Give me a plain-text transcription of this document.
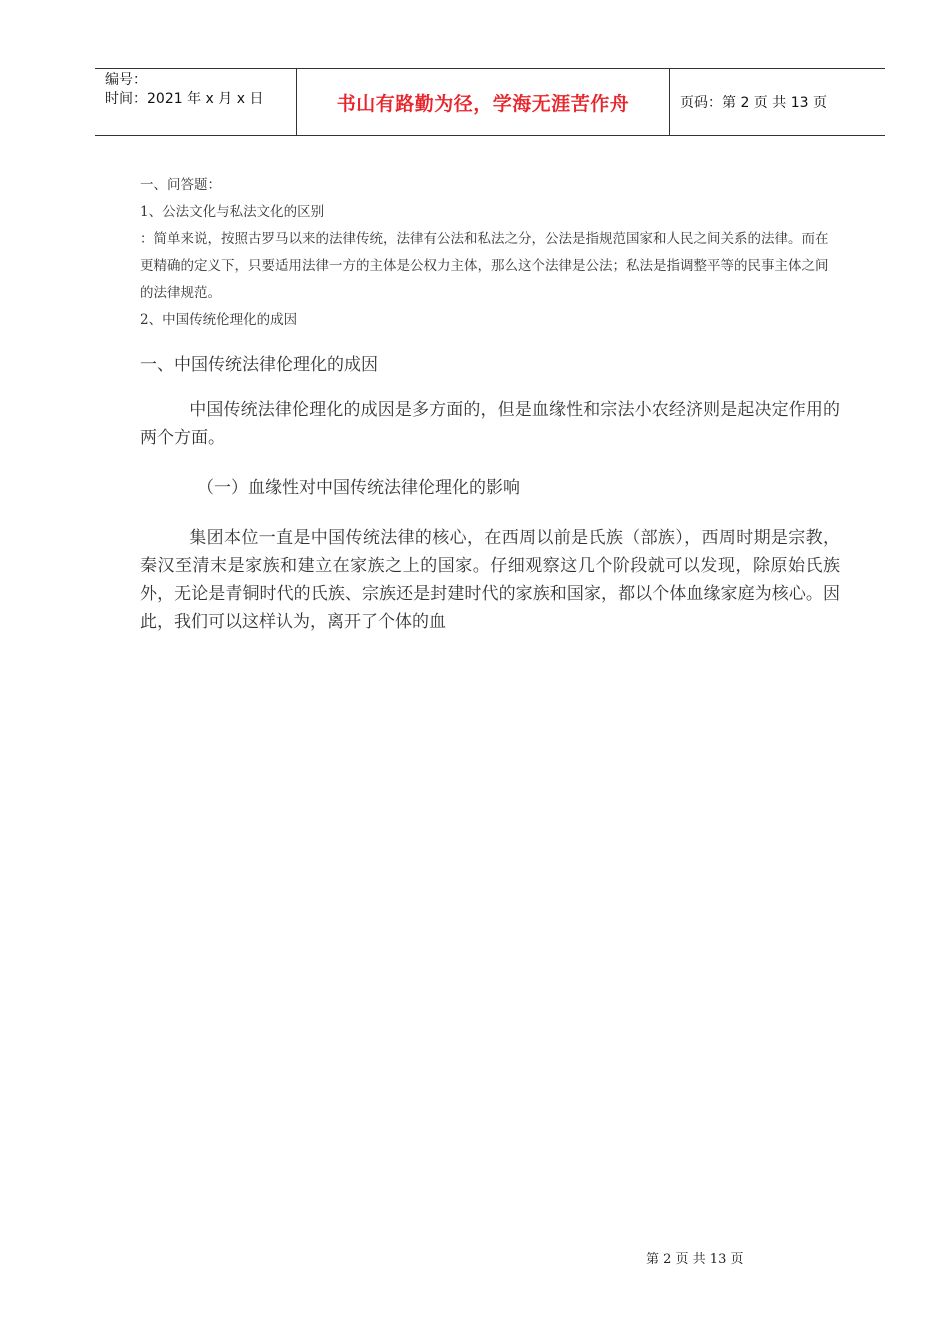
编号：
时间：2021 年 x 月 x 日	书山有路勤为径，学海无涯苦作舟	页码：第 2 页 共 13 页

一、问答题：

1、公法文化与私法文化的区别

：简单来说，按照古罗马以来的法律传统，法律有公法和私法之分，公法是指规范国家和人民之间关系的法律。而在更精确的定义下，只要适用法律一方的主体是公权力主体，那么这个法律是公法；私法是指调整平等的民事主体之间的法律规范。

2、中国传统伦理化的成因

一、中国传统法律伦理化的成因

中国传统法律伦理化的成因是多方面的，但是血缘性和宗法小农经济则是起决定作用的两个方面。

（一）血缘性对中国传统法律伦理化的影响

集团本位一直是中国传统法律的核心，在西周以前是氏族（部族），西周时期是宗教，秦汉至清末是家族和建立在家族之上的国家。仔细观察这几个阶段就可以发现，除原始氏族外，无论是青铜时代的氏族、宗族还是封建时代的家族和国家，都以个体血缘家庭为核心。因此，我们可以这样认为，离开了个体的血

第 2 页 共 13 页
